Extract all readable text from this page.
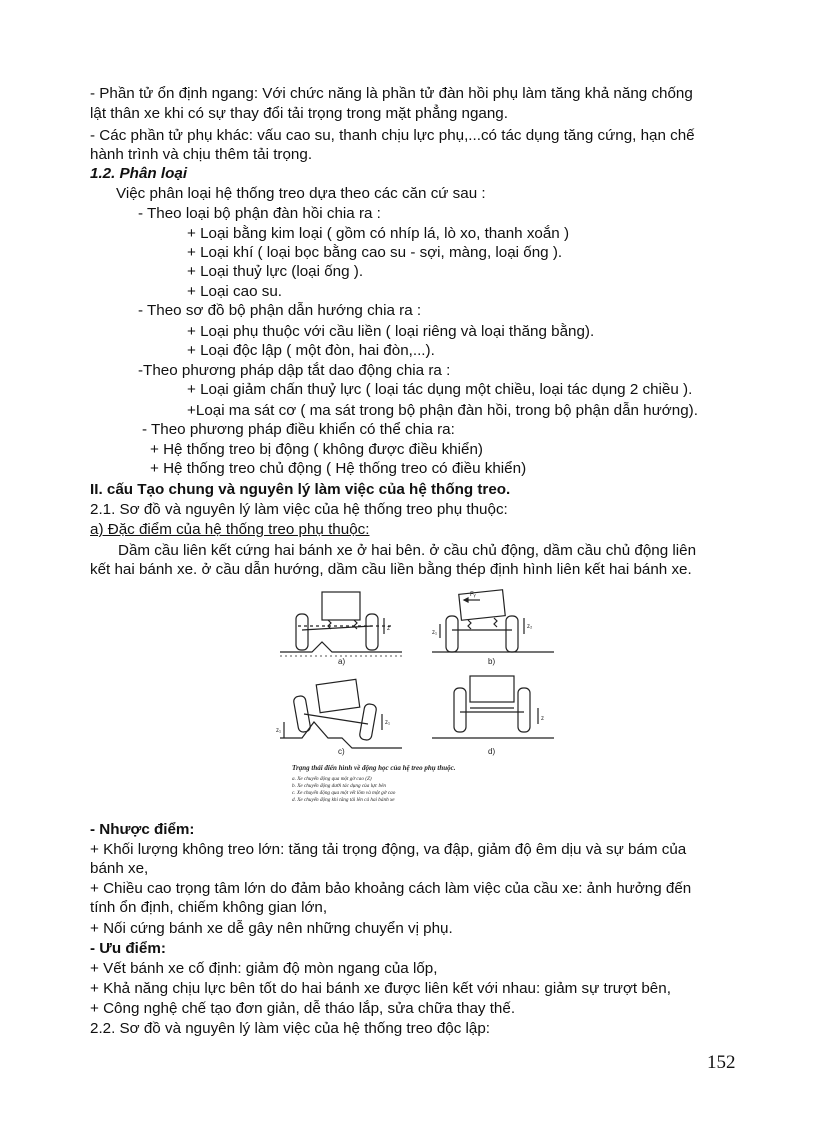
- Phần tử ổn định ngang: Với chức năng là phần tử đàn hồi phụ làm tăng khả năng chống
lật thân xe khi có sự thay đổi tải trọng trong mặt phẳng ngang.
- Các phần tử phụ khác: vấu cao su, thanh chịu lực phụ,...có tác dụng tăng cứng, hạn chế
hành trình và chịu thêm tải trọng.
1.2. Phân loại
Việc phân loại hệ thống treo dựa theo các căn cứ sau :
- Theo loại bộ phận đàn hồi chia ra :
+ Loại bằng kim loại ( gồm có nhíp lá, lò xo, thanh xoắn )
+ Loại khí ( loại bọc bằng cao su - sợi, màng, loại ống ).
+ Loại thuỷ lực (loại ống ).
+ Loại cao su.
- Theo sơ đồ bộ phận dẫn hướng chia ra :
+ Loại phụ thuộc với cầu liền ( loại riêng và loại thăng bằng).
+ Loại độc lập ( một đòn, hai đòn,...).
-Theo phương pháp dập tắt dao động chia ra :
+ Loại giảm chấn thuỷ lực ( loại tác dụng một chiều, loại tác dụng 2 chiều ).
+Loại ma sát cơ ( ma sát trong bộ phận đàn hồi, trong bộ phận dẫn hướng).
- Theo phương pháp điều khiển có thể chia ra:
+ Hệ thống treo bị động ( không được điều khiển)
+ Hệ thống treo chủ động ( Hệ thống treo có điều khiển)
II. cấu Tạo chung và nguyên lý làm việc của hệ thống treo.
2.1. Sơ đồ và nguyên lý làm việc của hệ thống treo phụ thuộc:
a) Đặc điểm của hệ thống treo phụ thuộc:
Dầm cầu liên kết cứng hai bánh xe ở hai bên. ở cầu chủ động, dầm cầu chủ động liên
kết hai bánh xe. ở cầu dẫn hướng, dầm cầu liền bằng thép định hình liên kết hai bánh xe.
a)	b)
c)	d)
z
z₁
z₂
Fᵧ
z₁
z₁
z
Trạng thái điển hình về động học của hệ treo phụ thuộc.
a. Xe chuyển động qua một gờ cao (Z)
b. Xe chuyển động dưới tác dụng của lực bên
c. Xe chuyển động qua một vết lõm và một gờ cao
d. Xe chuyển động khi tăng tải lên cả hai bánh xe
- Nhược điểm:
+ Khối lượng không treo lớn: tăng tải trọng động, va đập, giảm độ êm dịu và sự bám của
bánh xe,
+ Chiều cao trọng tâm lớn do đảm bảo khoảng cách làm việc của cầu xe: ảnh hưởng đến
tính ổn định, chiếm không gian lớn,
+ Nối cứng bánh xe dễ gây nên những chuyển vị phụ.
- Ưu điểm:
+ Vết bánh xe cố định: giảm độ mòn ngang của lốp,
+ Khả năng chịu lực bên tốt do hai bánh xe được liên kết với nhau: giảm sự trượt bên,
+ Công nghệ chế tạo đơn giản, dễ tháo lắp, sửa chữa thay thế.
2.2. Sơ đồ và nguyên lý làm việc của hệ thống treo độc lập:
152
